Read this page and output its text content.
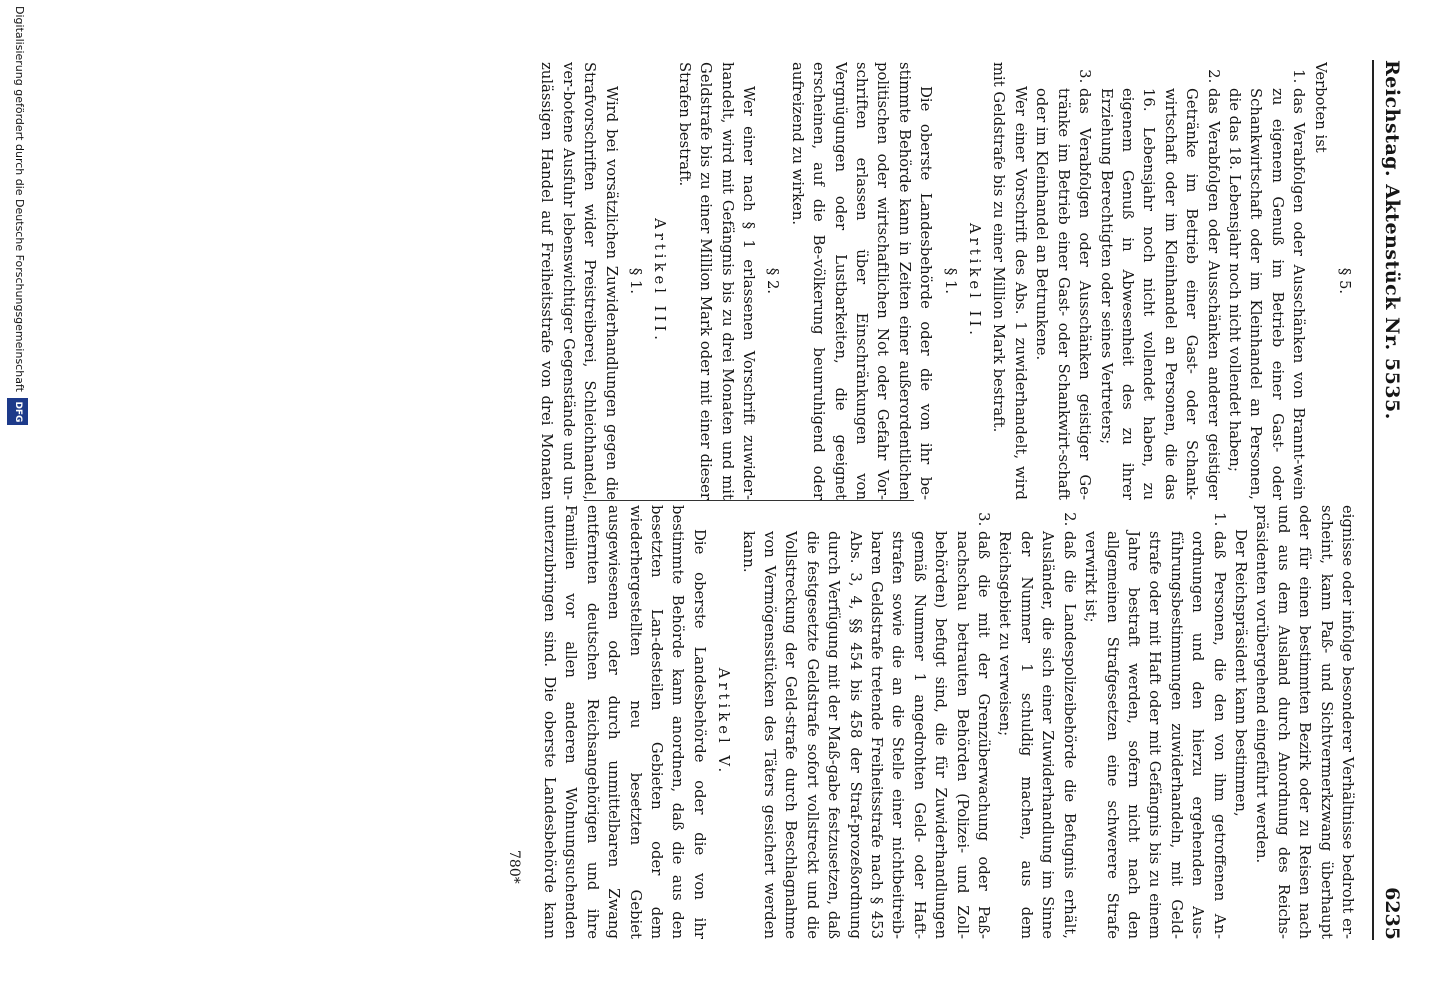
Reichstag. Aktenstück Nr. 5535.
6235
§ 5.

Verboten ist

1. das Verabfolgen oder Ausschänken von Brannt-wein zu eigenem Genuß im Betrieb einer Gast- oder Schankwirtschaft oder im Kleinhandel an Personen, die das 18. Lebensjahr noch nicht vollendet haben;
2. das Verabfolgen oder Ausschänken anderer geistiger Getränke im Betrieb einer Gast- oder Schank-wirtschaft oder im Kleinhandel an Personen, die das 16. Lebensjahr noch nicht vollendet haben, zu eigenem Genuß in Abwesenheit des zu ihrer Erziehung Berechtigten oder seines Vertreters;
3. das Verabfolgen oder Ausschänken geistiger Ge-tränke im Betrieb einer Gast- oder Schankwirt-schaft oder im Kleinhandel an Betrunkene.

Wer einer Vorschrift des Abs. 1 zuwiderhandelt, wird mit Geldstrafe bis zu einer Million Mark bestraft.

Artikel II.
§ 1.

Die oberste Landesbehörde oder die von ihr be-stimmte Behörde kann in Zeiten einer außerordentlichen politischen oder wirtschaftlichen Not oder Gefahr Vor-schriften erlassen über Einschränkungen von Vergnügungen oder Lustbarkeiten, die geeignet erscheinen, auf die Be-völkerung beunruhigend oder aufreizend zu wirken.

§ 2.

Wer einer nach § 1 erlassenen Vorschrift zuwider-handelt, wird mit Gefängnis bis zu drei Monaten und mit Geldstrafe bis zu einer Million Mark oder mit einer dieser Strafen bestraft.

Artikel III.
§ 1.

Wird bei vorsätzlichen Zuwiderhandlungen gegen die Strafvorschriften wider Preistreiberei, Schleichhandel, ver-botene Ausfuhr lebenswichtiger Gegenstände und un-zulässigen Handel auf Freiheitsstrafe von drei Monaten

eignisse oder infolge besonderer Verhältnisse bedroht er-scheint, kann Paß- und Sichtvermerkzwang überhaupt oder für einen bestimmten Bezirk oder zu Reisen nach und aus dem Ausland durch Anordnung des Reichs-präsidenten vorübergehend eingeführt werden.

Der Reichspräsident kann bestimmen,

1. daß Personen, die den von ihm getroffenen An-ordnungen und den hierzu ergehenden Aus-führungsbestimmungen zuwiderhandeln, mit Geld-strafe oder mit Haft oder mit Gefängnis bis zu einem Jahre bestraft werden, sofern nicht nach den allgemeinen Strafgesetzen eine schwerere Strafe verwirkt ist;
2. daß die Landespolizeibehörde die Befugnis erhält, Ausländer, die sich einer Zuwiderhandlung im Sinne der Nummer 1 schuldig machen, aus dem Reichsgebiet zu verweisen;
3. daß die mit der Grenzüberwachung oder Paß-nachschau betrauten Behörden (Polizei- und Zoll-behörden) befugt sind, die für Zuwiderhandlungen gemäß Nummer 1 angedrohten Geld- oder Haft-strafen sowie die an die Stelle einer nichtbeitreib-baren Geldstrafe tretende Freiheitsstrafe nach § 453 Abs. 3, 4, §§ 454 bis 458 der Straf-prozeßordnung durch Verfügung mit der Maß-gabe festzusetzen, daß die festgesetzte Geldstrafe sofort vollstreckt und die Vollstreckung der Geld-strafe durch Beschlagnahme von Vermögensstücken des Täters gesichert werden kann.
Artikel V.

Die oberste Landesbehörde oder die von ihr bestimmte Behörde kann anordnen, daß die aus den besetzten Lan-desteilen Gebieten oder dem wiederhergestellten neu besetzten Gebiet ausgewiesenen oder durch unmittelbaren Zwang entfernten deutschen Reichsangehörigen und ihre Familien vor allen anderen Wohnungsuchenden unterzubringen sind. Die oberste Landesbehörde kann

780*
Digitalisierung gefördert durch die Deutsche Forschungsgemeinschaft DFG
